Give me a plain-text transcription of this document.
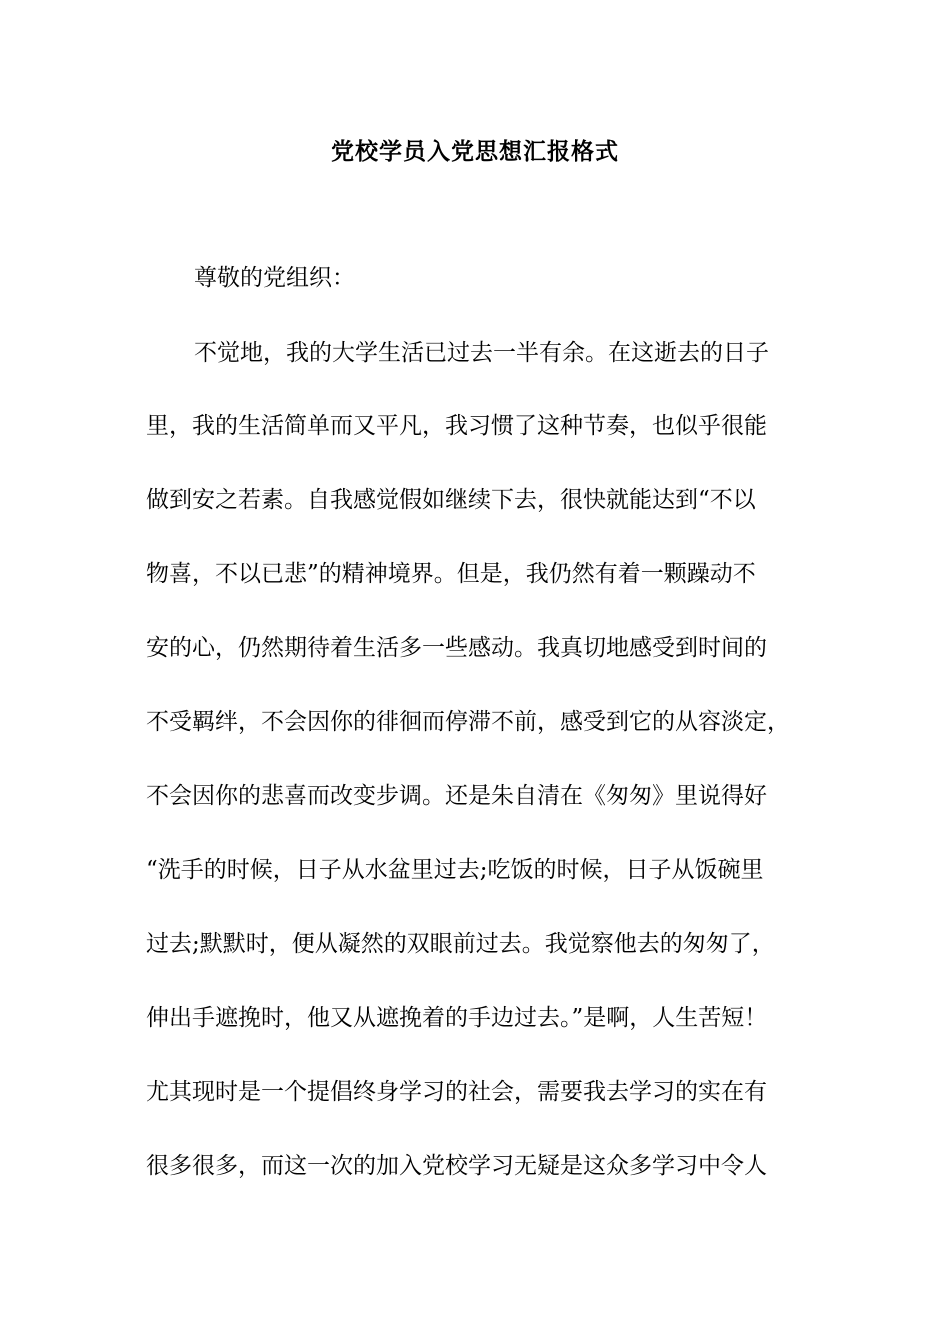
党校学员入党思想汇报格式
尊敬的党组织：
不觉地，我的大学生活已过去一半有余。在这逝去的日子
里，我的生活简单而又平凡，我习惯了这种节奏，也似乎很能
做到安之若素。自我感觉假如继续下去，很快就能达到“不以
物喜，不以已悲”的精神境界。但是，我仍然有着一颗躁动不
安的心，仍然期待着生活多一些感动。我真切地感受到时间的
不受羁绊，不会因你的徘徊而停滞不前，感受到它的从容淡定，
不会因你的悲喜而改变步调。还是朱自清在《匆匆》里说得好
“洗手的时候，日子从水盆里过去;吃饭的时候，日子从饭碗里
过去;默默时，便从凝然的双眼前过去。我觉察他去的匆匆了，
伸出手遮挽时，他又从遮挽着的手边过去。”是啊，人生苦短！
尤其现时是一个提倡终身学习的社会，需要我去学习的实在有
很多很多，而这一次的加入党校学习无疑是这众多学习中令人
